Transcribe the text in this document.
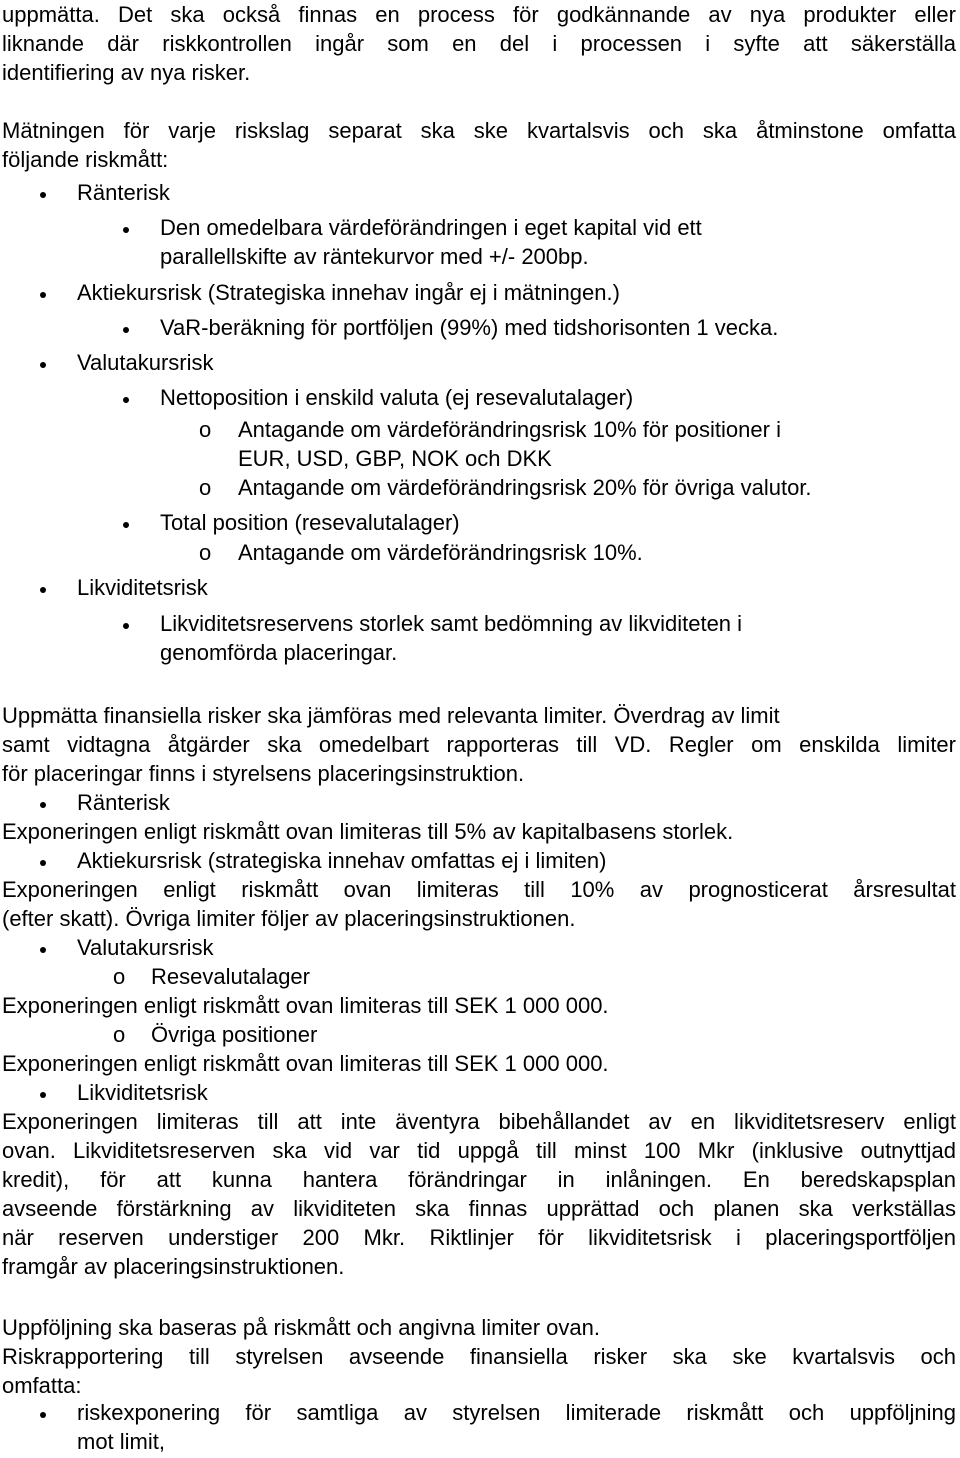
uppmätta. Det ska också finnas en process för godkännande av nya produkter eller
liknande där riskkontrollen ingår som en del i processen i syfte att säkerställa
identifiering av nya risker.
Mätningen för varje riskslag separat ska ske kvartalsvis och ska åtminstone omfatta
följande riskmått:
Ränterisk
Den omedelbara värdeförändringen i eget kapital vid ett
parallellskifte av räntekurvor med +/- 200bp.
Aktiekursrisk (Strategiska innehav ingår ej i mätningen.)
VaR-beräkning för portföljen (99%) med tidshorisonten 1 vecka.
Valutakursrisk
Nettoposition i enskild valuta (ej resevalutalager)
o Antagande om värdeförändringsrisk 10% för positioner i
EUR, USD, GBP, NOK och DKK
o Antagande om värdeförändringsrisk 20% för övriga valutor.
Total position (resevalutalager)
o Antagande om värdeförändringsrisk 10%.
Likviditetsrisk
Likviditetsreservens storlek samt bedömning av likviditeten i
genomförda placeringar.
Uppmätta finansiella risker ska jämföras med relevanta limiter. Överdrag av limit
samt vidtagna åtgärder ska omedelbart rapporteras till VD. Regler om enskilda limiter
för placeringar finns i styrelsens placeringsinstruktion.
Ränterisk
Exponeringen enligt riskmått ovan limiteras till 5% av kapitalbasens storlek.
Aktiekursrisk (strategiska innehav omfattas ej i limiten)
Exponeringen enligt riskmått ovan limiteras till 10% av prognosticerat årsresultat
(efter skatt). Övriga limiter följer av placeringsinstruktionen.
Valutakursrisk
o Resevalutalager
Exponeringen enligt riskmått ovan limiteras till SEK 1 000 000.
o Övriga positioner
Exponeringen enligt riskmått ovan limiteras till SEK 1 000 000.
Likviditetsrisk
Exponeringen limiteras till att inte äventyra bibehållandet av en likviditetsreserv enligt
ovan. Likviditetsreserven ska vid var tid uppgå till minst 100 Mkr (inklusive outnyttjad
kredit), för att kunna hantera förändringar in inlåningen. En beredskapsplan
avseende förstärkning av likviditeten ska finnas upprättad och planen ska verkställas
när reserven understiger 200 Mkr. Riktlinjer för likviditetsrisk i placeringsportföljen
framgår av placeringsinstruktionen.
Uppföljning ska baseras på riskmått och angivna limiter ovan.
Riskrapportering till styrelsen avseende finansiella risker ska ske kvartalsvis och
omfatta:
riskexponering för samtliga av styrelsen limiterade riskmått och uppföljning
mot limit,
